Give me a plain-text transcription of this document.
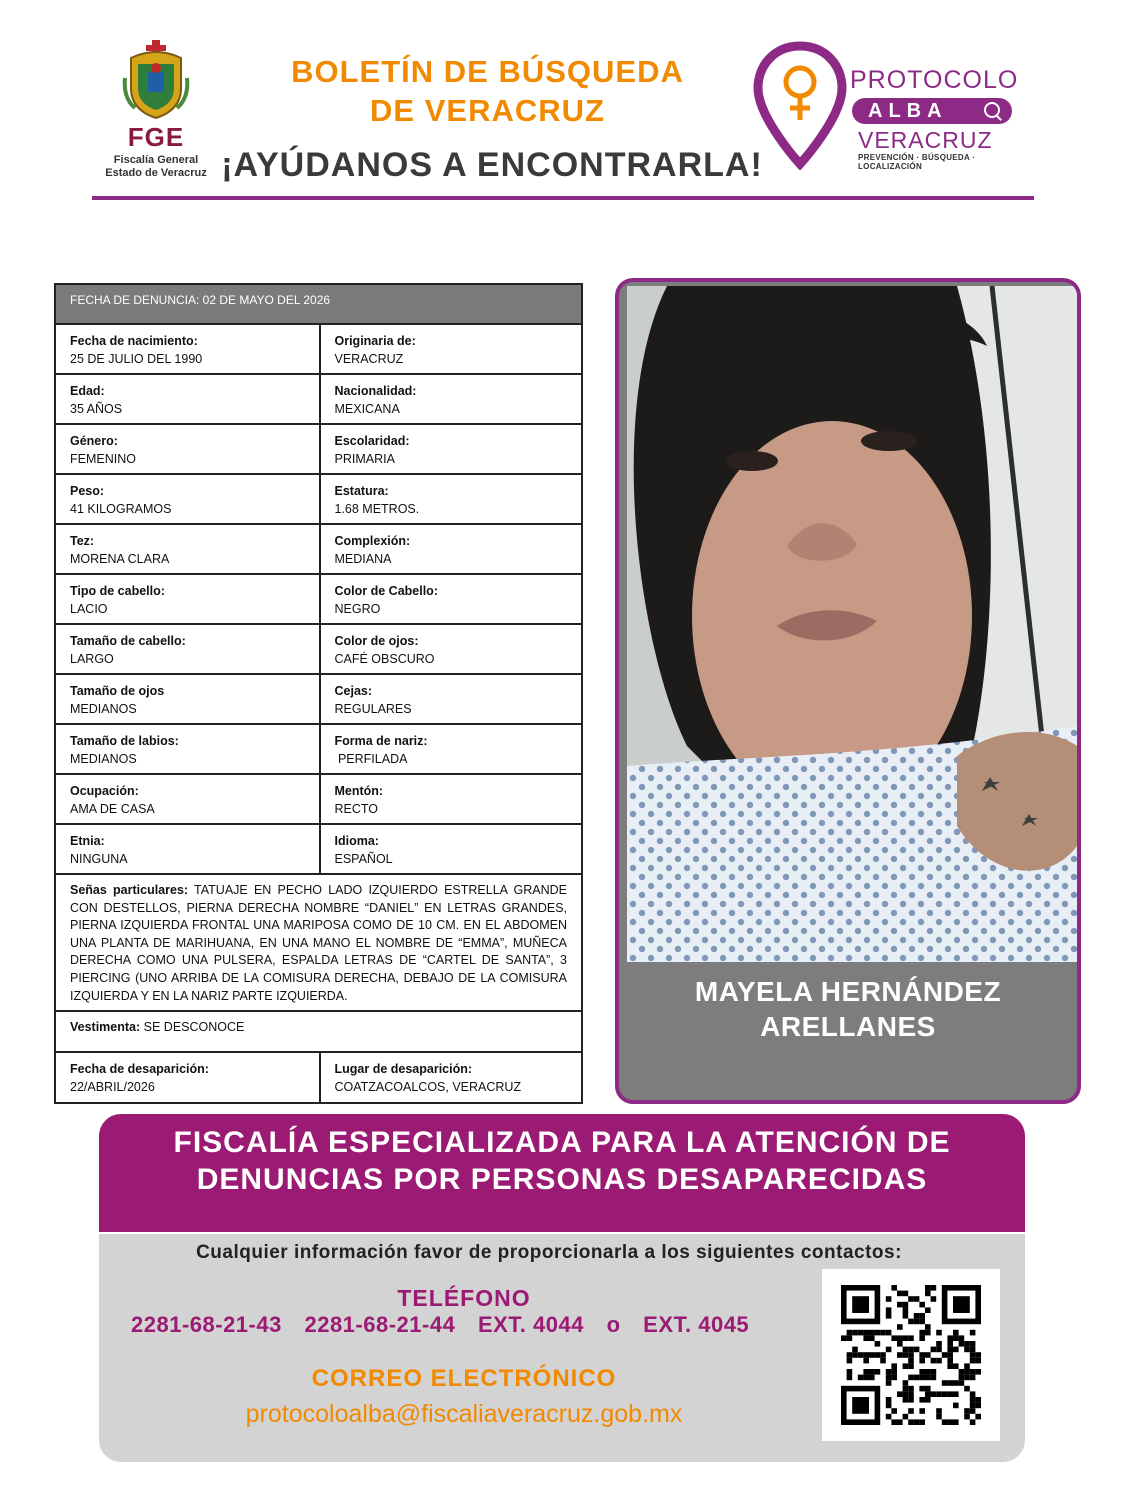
FGE
Fiscalía General
Estado de Veracruz
BOLETÍN DE BÚSQUEDA
DE VERACRUZ
¡AYÚDANOS A ENCONTRARLA!
PROTOCOLO
ALBA
VERACRUZ
PREVENCIÓN · BÚSQUEDA · LOCALIZACIÓN
FECHA DE DENUNCIA: 02 DE MAYO DEL 2026
Fecha de nacimiento:
25 DE JULIO DEL 1990
Originaria de:
VERACRUZ
Edad:
35 AÑOS
Nacionalidad:
MEXICANA
Género:
FEMENINO
Escolaridad:
PRIMARIA
Peso:
41 KILOGRAMOS
Estatura:
1.68 METROS.
Tez:
MORENA CLARA
Complexión:
MEDIANA
Tipo de cabello:
LACIO
Color de Cabello:
NEGRO
Tamaño de cabello:
LARGO
Color de ojos:
CAFÉ OBSCURO
Tamaño de ojos
MEDIANOS
Cejas:
REGULARES
Tamaño de labios:
MEDIANOS
Forma de nariz:
PERFILADA
Ocupación:
AMA DE CASA
Mentón:
RECTO
Etnia:
NINGUNA
Idioma:
ESPAÑOL
Señas particulares: TATUAJE EN PECHO LADO IZQUIERDO ESTRELLA GRANDE CON DESTELLOS, PIERNA DERECHA NOMBRE “DANIEL” EN LETRAS GRANDES, PIERNA IZQUIERDA FRONTAL UNA MARIPOSA COMO DE 10 CM. EN EL ABDOMEN UNA PLANTA DE MARIHUANA, EN UNA MANO EL NOMBRE DE “EMMA”, MUÑECA DERECHA COMO UNA PULSERA, ESPALDA LETRAS DE “CARTEL DE SANTA”, 3 PIERCING (UNO ARRIBA DE LA COMISURA DERECHA, DEBAJO DE LA COMISURA IZQUIERDA Y EN LA NARIZ PARTE IZQUIERDA.
Vestimenta: SE DESCONOCE
Fecha de desaparición:
22/ABRIL/2026
Lugar de desaparición:
COATZACOALCOS, VERACRUZ
MAYELA HERNÁNDEZ
ARELLANES
FISCALÍA ESPECIALIZADA PARA LA ATENCIÓN DE
DENUNCIAS POR PERSONAS DESAPARECIDAS
Cualquier información favor de proporcionarla a los siguientes contactos:
TELÉFONO
2281-68-21-43 2281-68-21-44 EXT. 4044 o EXT. 4045
CORREO ELECTRÓNICO
protocoloalba@fiscaliaveracruz.gob.mx
